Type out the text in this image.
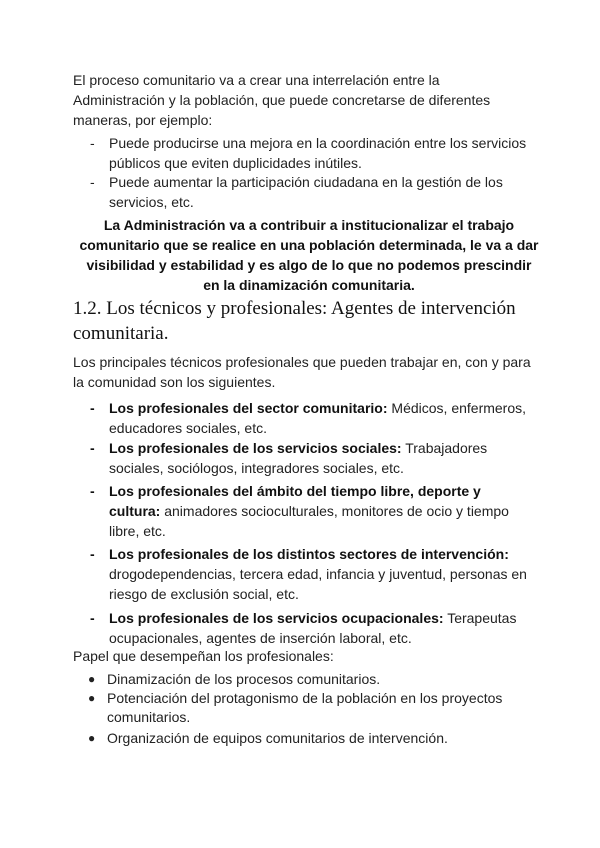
El proceso comunitario va a crear una interrelación entre la Administración y la población, que puede concretarse de diferentes maneras, por ejemplo:

-	Puede producirse una mejora en la coordinación entre los servicios públicos que eviten duplicidades inútiles.
-	Puede aumentar la participación ciudadana en la gestión de los servicios, etc.
La Administración va a contribuir a institucionalizar el trabajo comunitario que se realice en una población determinada, le va a dar visibilidad y estabilidad y es algo de lo que no podemos prescindir en la dinamización comunitaria.
1.2. Los técnicos y profesionales: Agentes de intervención comunitaria.

Los principales técnicos profesionales que pueden trabajar en, con y para la comunidad son los siguientes.

-	Los profesionales del sector comunitario: Médicos, enfermeros, educadores sociales, etc.
-	Los profesionales de los servicios sociales: Trabajadores sociales, sociólogos, integradores sociales, etc.
-	Los profesionales del ámbito del tiempo libre, deporte y cultura: animadores socioculturales, monitores de ocio y tiempo libre, etc.
-	Los profesionales de los distintos sectores de intervención: drogodependencias, tercera edad, infancia y juventud, personas en riesgo de exclusión social, etc.
-	Los profesionales de los servicios ocupacionales: Terapeutas ocupacionales, agentes de inserción laboral, etc.

Papel que desempeñan los profesionales:

● Dinamización de los procesos comunitarios.
● Potenciación del protagonismo de la población en los proyectos comunitarios.
● Organización de equipos comunitarios de intervención.
